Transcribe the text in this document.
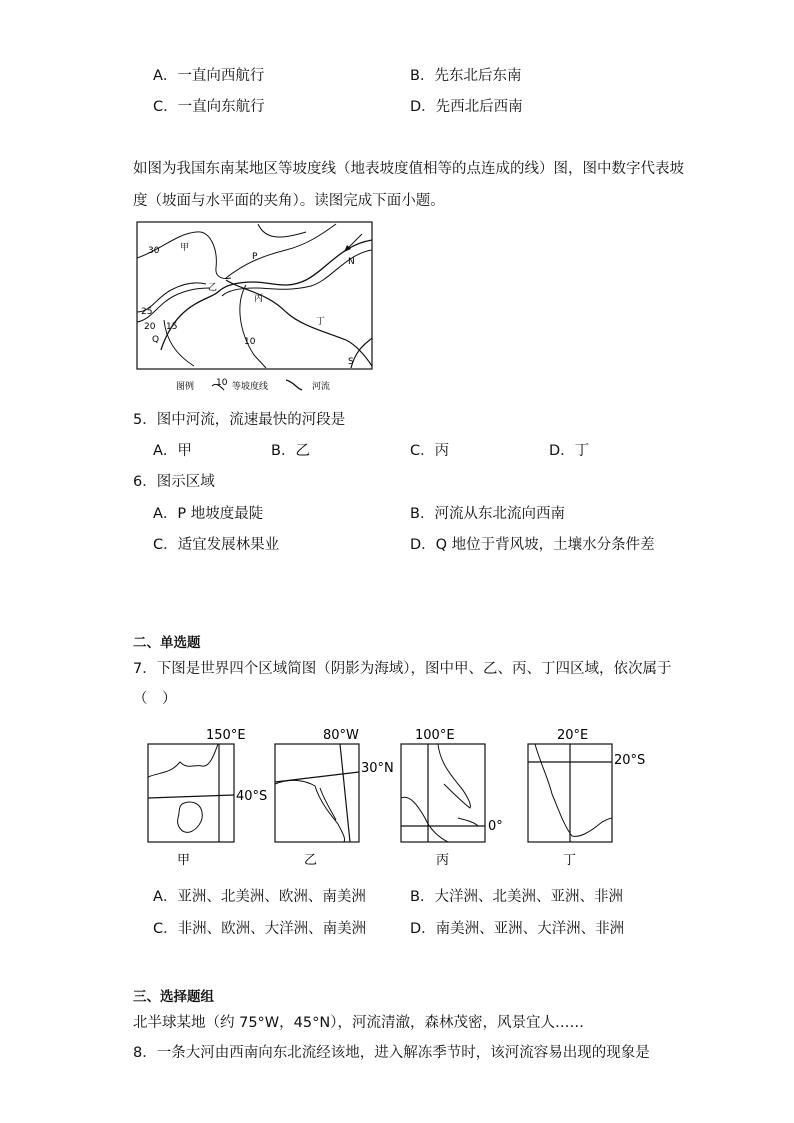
A．一直向西航行	B．先东北后东南
C．一直向东航行	D．先西北后西南
如图为我国东南某地区等坡度线（地表坡度值相等的点连成的线）图，图中数字代表坡
度（坡面与水平面的夹角）。读图完成下面小题。
30 甲
P	N
乙
丙
25
20 15	丁
Q	10
S
图例 10 等坡度线	河流
5．图中河流，流速最快的河段是
A．甲	B．乙	C．丙	D．丁
6．图示区域
A．P 地坡度最陡	B．河流从东北流向西南
C．适宜发展林果业	D．Q 地位于背风坡，土壤水分条件差
二、单选题
7．下图是世界四个区域简图（阴影为海域），图中甲、乙、丙、丁四区域，依次属于
（　）
150°E
40°S
甲
80°W
30°N
乙
100°E
0°
丙
20°E
20°S
丁
A．亚洲、北美洲、欧洲、南美洲	B．大洋洲、北美洲、亚洲、非洲
C．非洲、欧洲、大洋洲、南美洲	D．南美洲、亚洲、大洋洲、非洲
三、选择题组
北半球某地（约 75°W，45°N），河流清澈，森林茂密，风景宜人……
8．一条大河由西南向东北流经该地，进入解冻季节时，该河流容易出现的现象是
